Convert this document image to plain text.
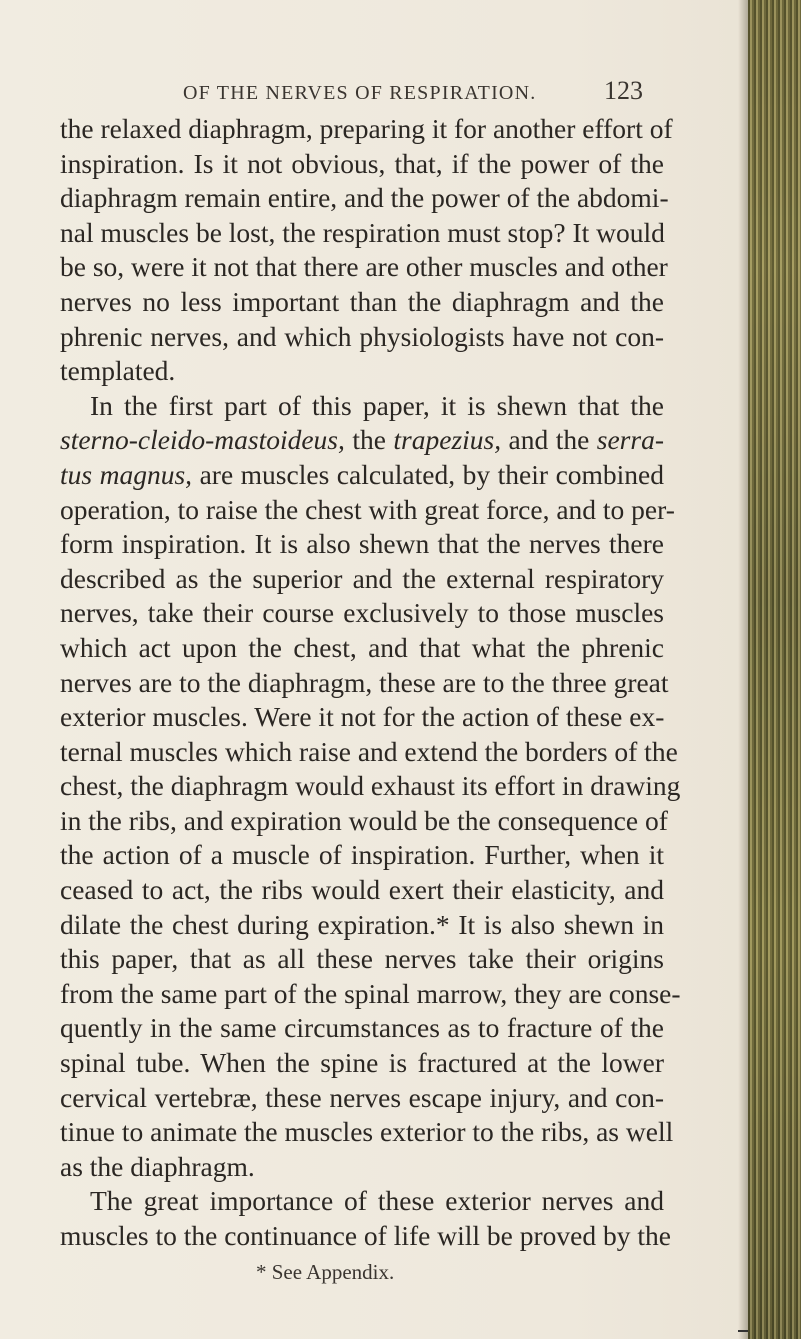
OF THE NERVES OF RESPIRATION.	123
the relaxed diaphragm, preparing it for another effort of
inspiration. Is it not obvious, that, if the power of the
diaphragm remain entire, and the power of the abdomi-
nal muscles be lost, the respiration must stop? It would
be so, were it not that there are other muscles and other
nerves no less important than the diaphragm and the
phrenic nerves, and which physiologists have not con-
templated.
In the first part of this paper, it is shewn that the
sterno-cleido-mastoideus, the trapezius, and the serra-
tus magnus, are muscles calculated, by their combined
operation, to raise the chest with great force, and to per-
form inspiration. It is also shewn that the nerves there
described as the superior and the external respiratory
nerves, take their course exclusively to those muscles
which act upon the chest, and that what the phrenic
nerves are to the diaphragm, these are to the three great
exterior muscles. Were it not for the action of these ex-
ternal muscles which raise and extend the borders of the
chest, the diaphragm would exhaust its effort in drawing
in the ribs, and expiration would be the consequence of
the action of a muscle of inspiration. Further, when it
ceased to act, the ribs would exert their elasticity, and
dilate the chest during expiration.* It is also shewn in
this paper, that as all these nerves take their origins
from the same part of the spinal marrow, they are conse-
quently in the same circumstances as to fracture of the
spinal tube. When the spine is fractured at the lower
cervical vertebræ, these nerves escape injury, and con-
tinue to animate the muscles exterior to the ribs, as well
as the diaphragm.
The great importance of these exterior nerves and
muscles to the continuance of life will be proved by the
* See Appendix.
